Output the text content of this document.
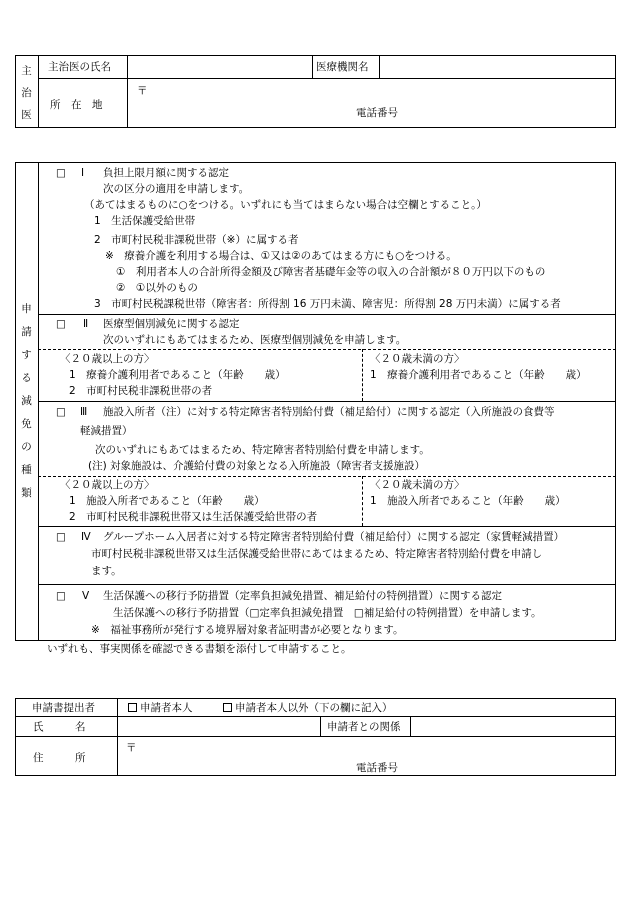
主
治
医
主治医の氏名	医療機関名
所　在　地
〒
電話番号
申
請
す
る
減
免
の
種
類
□ Ⅰ 負担上限月額に関する認定
次の区分の適用を申請します。
（あてはまるものに○をつける。いずれにも当てはまらない場合は空欄とすること。）
1　生活保護受給世帯
2　市町村民税非課税世帯（※）に属する者
※　療養介護を利用する場合は、①又は②のあてはまる方にも○をつける。
①　利用者本人の合計所得金額及び障害者基礎年金等の収入の合計額が８０万円以下のもの
②　①以外のもの
3　市町村民税課税世帯（障害者：所得割 16 万円未満、障害児：所得割 28 万円未満）に属する者
□ Ⅱ 医療型個別減免に関する認定
次のいずれにもあてはまるため、医療型個別減免を申請します。
〈２０歳以上の方〉
1　療養介護利用者であること（年齢　　歳）
2　市町村民税非課税世帯の者
〈２０歳未満の方〉
1　療養介護利用者であること（年齢　　歳）
□ Ⅲ 施設入所者（注）に対する特定障害者特別給付費（補足給付）に関する認定（入所施設の食費等
軽減措置）
次のいずれにもあてはまるため、特定障害者特別給付費を申請します。
(注) 対象施設は、介護給付費の対象となる入所施設（障害者支援施設）
〈２０歳以上の方〉
1　施設入所者であること（年齢　　歳）
2　市町村民税非課税世帯又は生活保護受給世帯の者
〈２０歳未満の方〉
1　施設入所者であること（年齢　　歳）
□ Ⅳ グループホーム入居者に対する特定障害者特別給付費（補足給付）に関する認定（家賃軽減措置）
市町村民税非課税世帯又は生活保護受給世帯にあてはまるため、特定障害者特別給付費を申請し
ます。
□ Ⅴ 生活保護への移行予防措置（定率負担減免措置、補足給付の特例措置）に関する認定
生活保護への移行予防措置（□定率負担減免措置　□補足給付の特例措置）を申請します。
※　福祉事務所が発行する境界層対象者証明書が必要となります。
いずれも、事実関係を確認できる書類を添付して申請すること。
申請書提出者	申請者本人	申請者本人以外（下の欄に記入）
氏　　　名	申請者との関係
住　　　所
〒
電話番号
